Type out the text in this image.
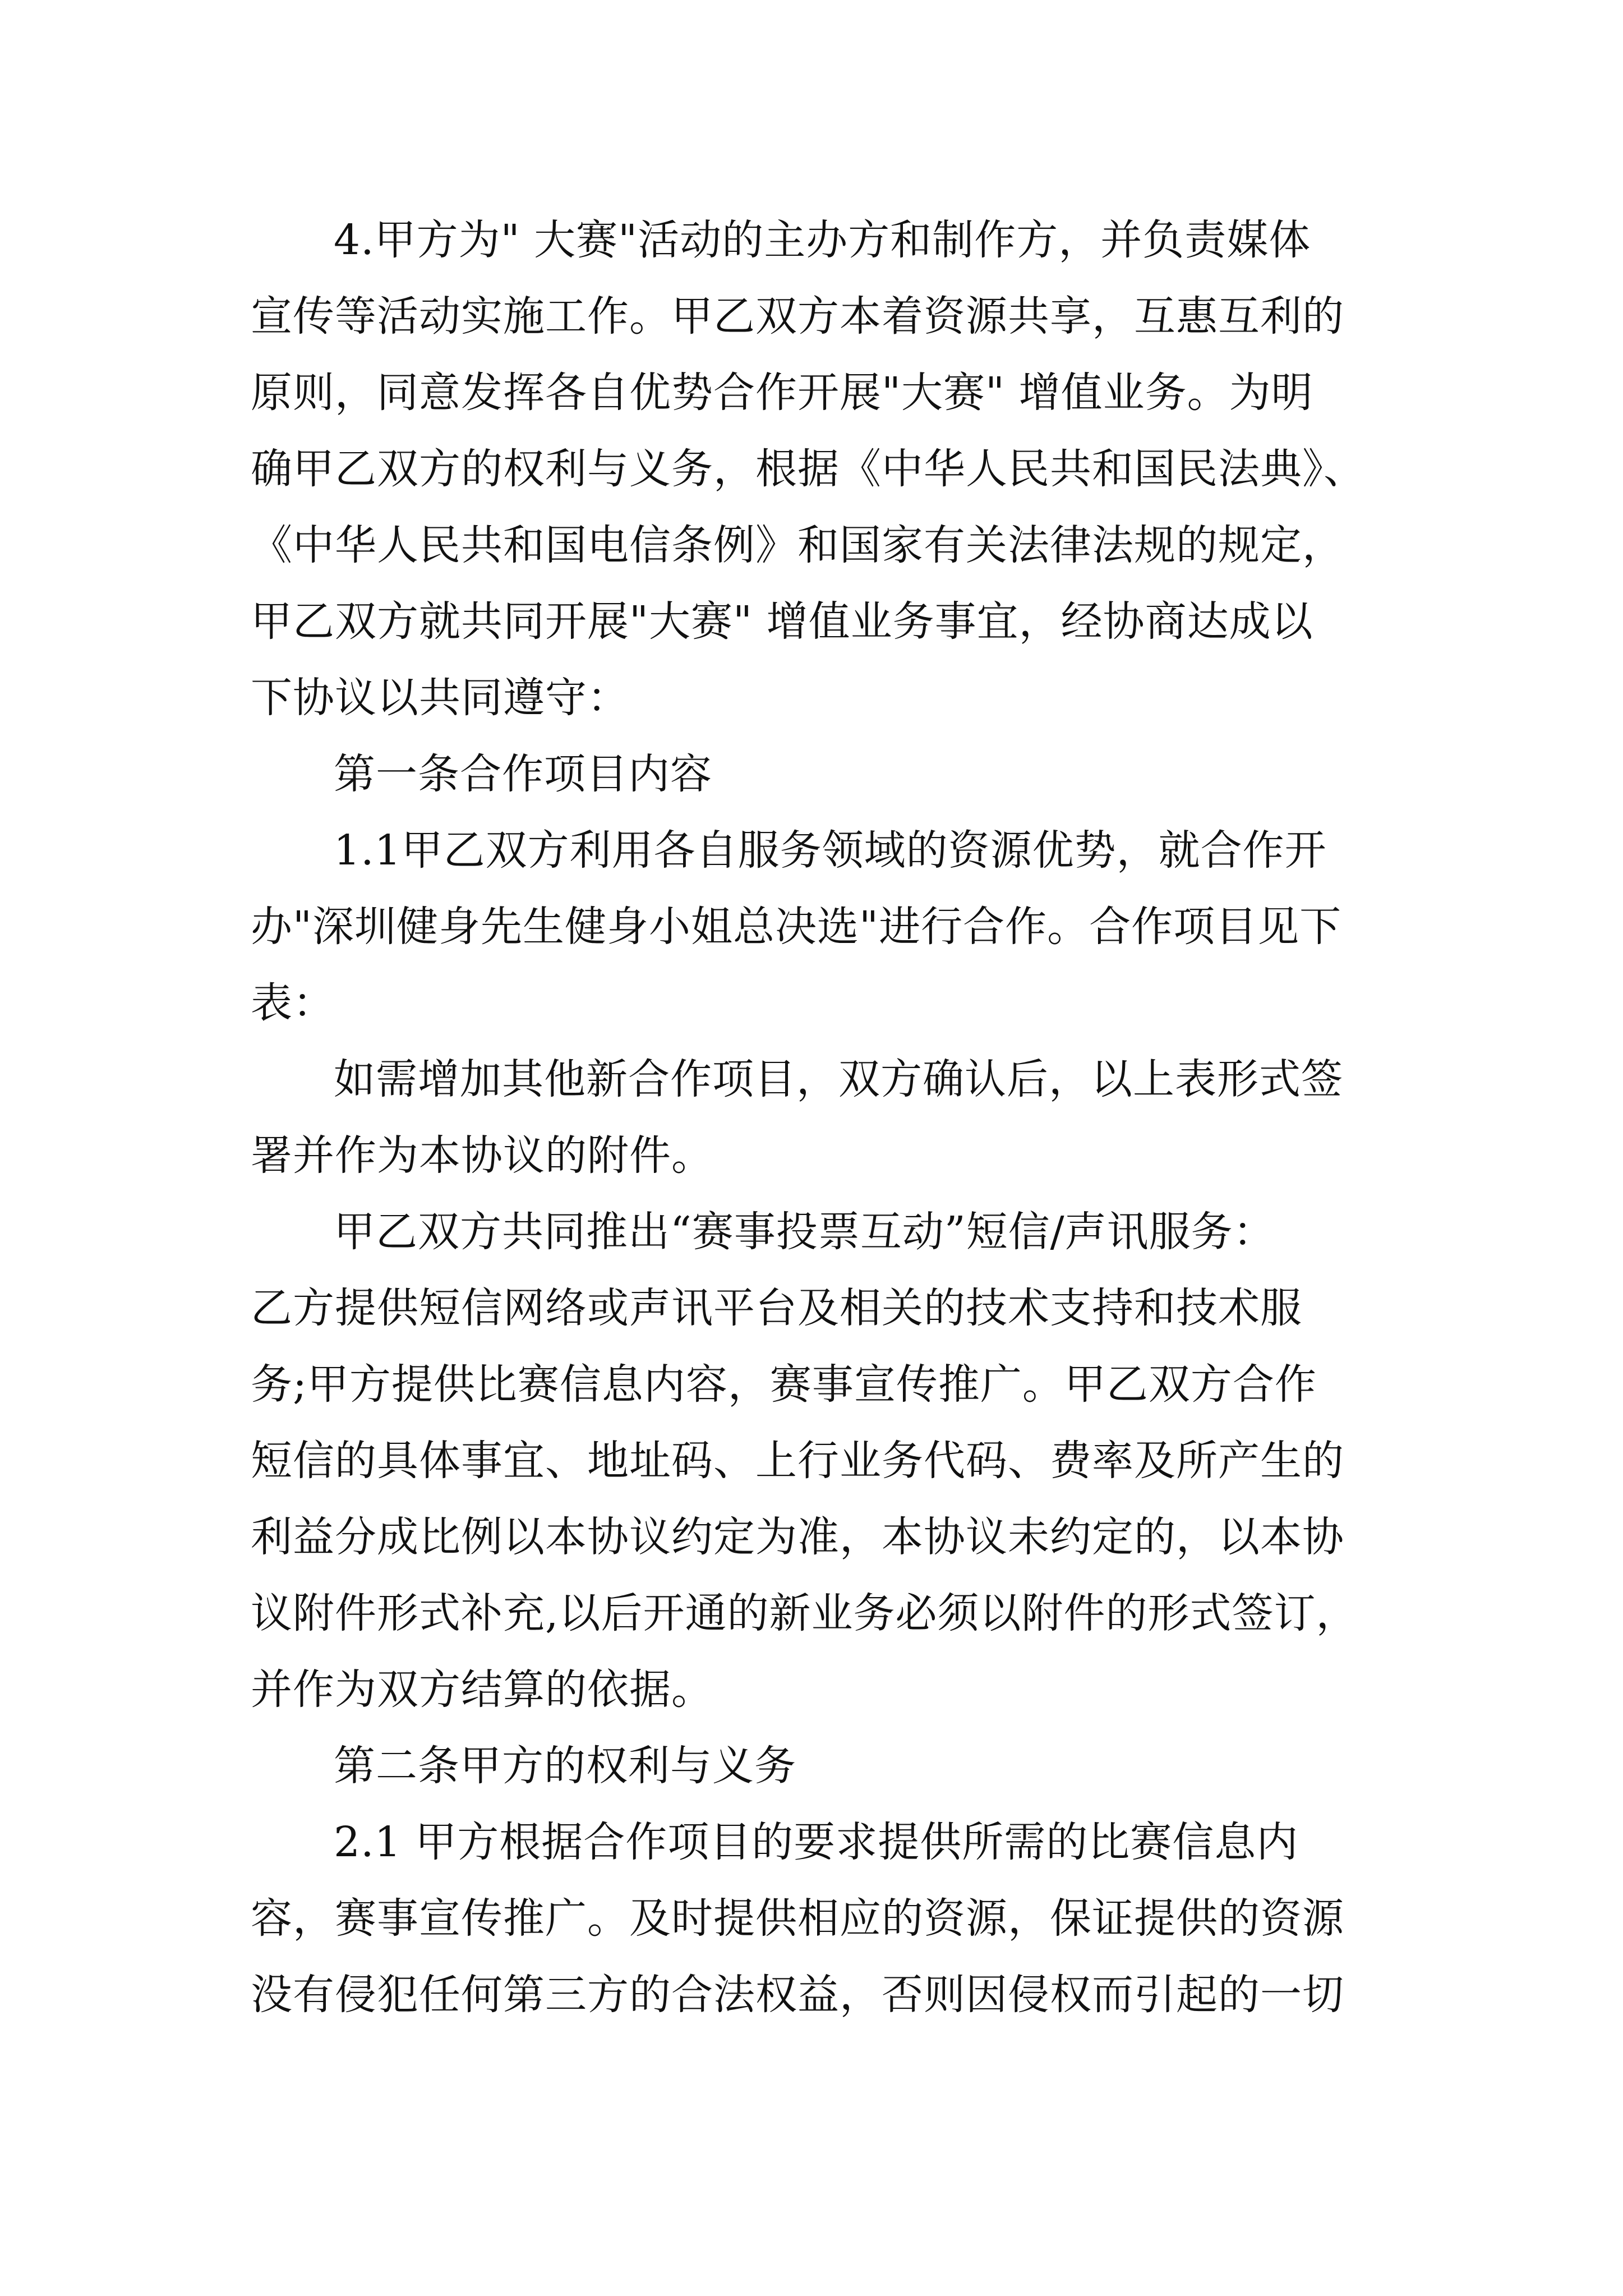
4.甲方为" 大赛"活动的主办方和制作方，并负责媒体
宣传等活动实施工作。甲乙双方本着资源共享，互惠互利的
原则，同意发挥各自优势合作开展"大赛" 增值业务。为明
确甲乙双方的权利与义务，根据《中华人民共和国民法典》、
《中华人民共和国电信条例》和国家有关法律法规的规定，
甲乙双方就共同开展"大赛" 增值业务事宜，经协商达成以
下协议以共同遵守：
第一条合作项目内容
1.1甲乙双方利用各自服务领域的资源优势，就合作开
办"深圳健身先生健身小姐总决选"进行合作。合作项目见下
表：
如需增加其他新合作项目，双方确认后，以上表形式签
署并作为本协议的附件。
甲乙双方共同推出“赛事投票互动”短信/声讯服务：
乙方提供短信网络或声讯平台及相关的技术支持和技术服
务;甲方提供比赛信息内容，赛事宣传推广。甲乙双方合作
短信的具体事宜、地址码、上行业务代码、费率及所产生的
利益分成比例以本协议约定为准，本协议未约定的，以本协
议附件形式补充,以后开通的新业务必须以附件的形式签订，
并作为双方结算的依据。
第二条甲方的权利与义务
2.1 甲方根据合作项目的要求提供所需的比赛信息内
容，赛事宣传推广。及时提供相应的资源，保证提供的资源
没有侵犯任何第三方的合法权益，否则因侵权而引起的一切
